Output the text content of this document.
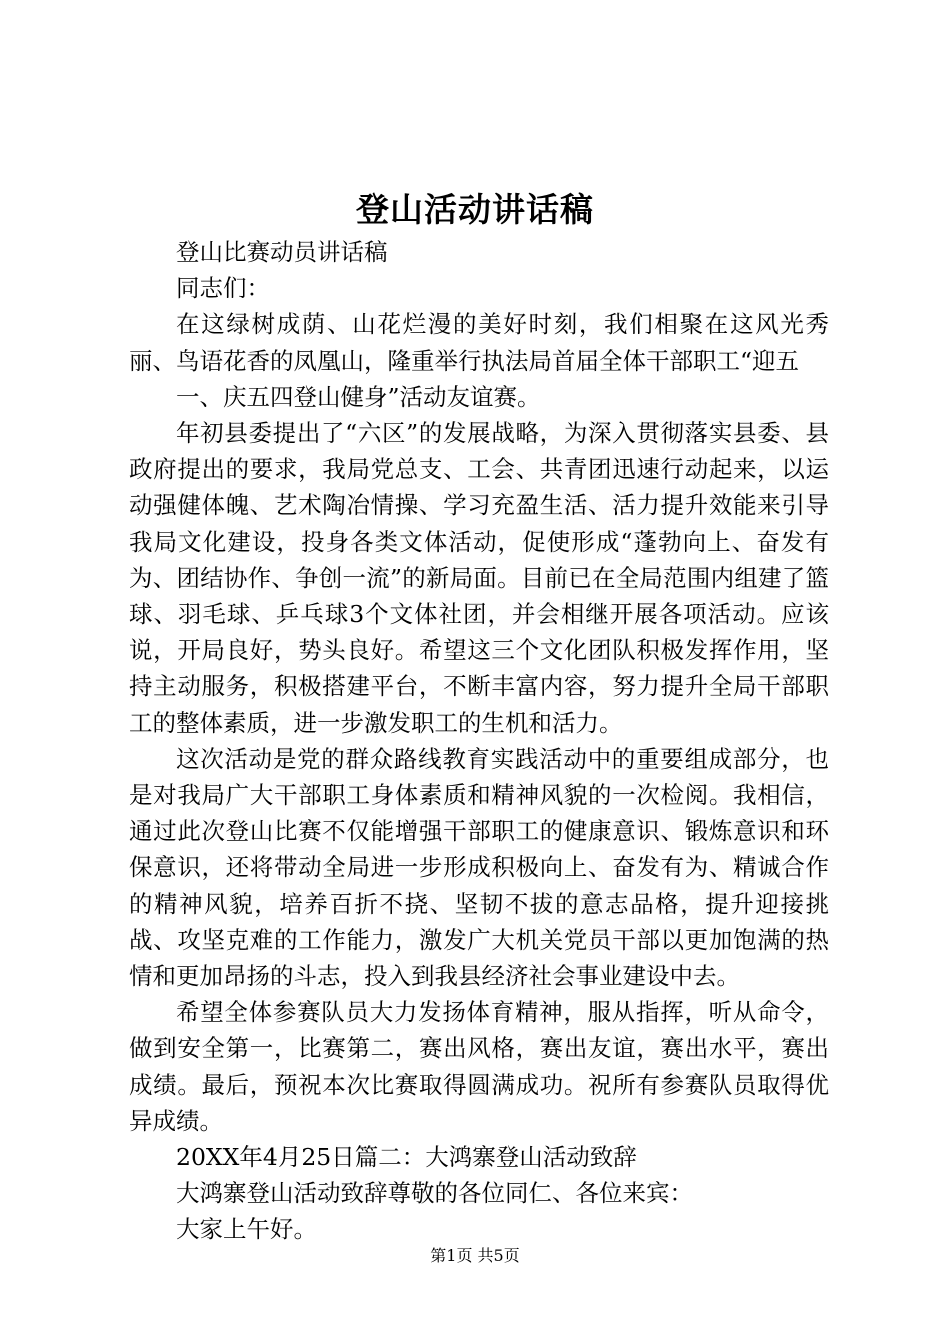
登山活动讲话稿

登山比赛动员讲话稿

同志们：

在这绿树成荫、山花烂漫的美好时刻，我们相聚在这风光秀丽、鸟语花香的凤凰山，隆重举行执法局首届全体干部职工“迎五

一、庆五四登山健身”活动友谊赛。

年初县委提出了“六区”的发展战略，为深入贯彻落实县委、县政府提出的要求，我局党总支、工会、共青团迅速行动起来，以运动强健体魄、艺术陶冶情操、学习充盈生活、活力提升效能来引导我局文化建设，投身各类文体活动，促使形成“蓬勃向上、奋发有为、团结协作、争创一流”的新局面。目前已在全局范围内组建了篮球、羽毛球、乒乓球3个文体社团，并会相继开展各项活动。应该说，开局良好，势头良好。希望这三个文化团队积极发挥作用，坚持主动服务，积极搭建平台，不断丰富内容，努力提升全局干部职工的整体素质，进一步激发职工的生机和活力。

这次活动是党的群众路线教育实践活动中的重要组成部分，也是对我局广大干部职工身体素质和精神风貌的一次检阅。我相信，通过此次登山比赛不仅能增强干部职工的健康意识、锻炼意识和环保意识，还将带动全局进一步形成积极向上、奋发有为、精诚合作的精神风貌，培养百折不挠、坚韧不拔的意志品格，提升迎接挑战、攻坚克难的工作能力，激发广大机关党员干部以更加饱满的热情和更加昂扬的斗志，投入到我县经济社会事业建设中去。

希望全体参赛队员大力发扬体育精神，服从指挥，听从命令，做到安全第一，比赛第二，赛出风格，赛出友谊，赛出水平，赛出成绩。最后，预祝本次比赛取得圆满成功。祝所有参赛队员取得优异成绩。

20XX年4月25日篇二：大鸿寨登山活动致辞

大鸿寨登山活动致辞尊敬的各位同仁、各位来宾：

大家上午好。

第1页 共5页
